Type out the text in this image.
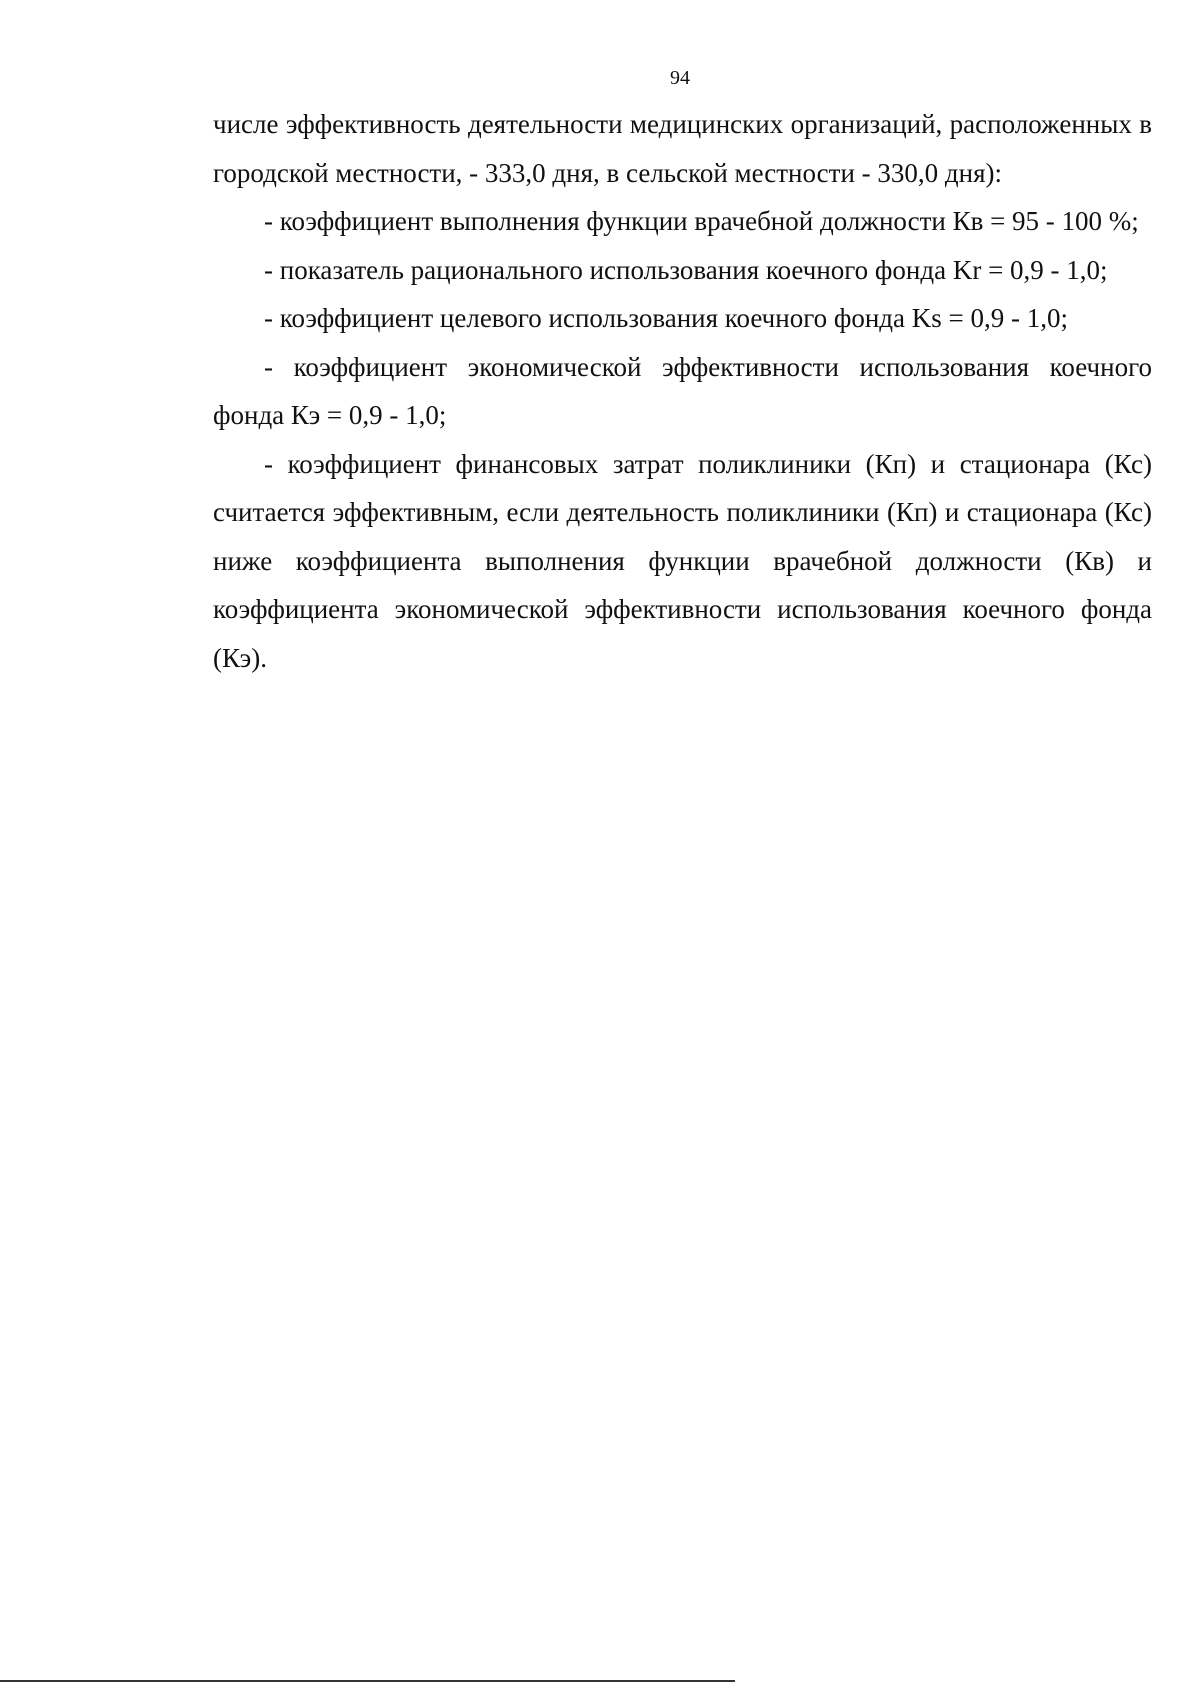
94

числе эффективность деятельности медицинских организаций, расположенных в городской местности, - 333,0 дня, в сельской местности - 330,0 дня):

- коэффициент выполнения функции врачебной должности Кв = 95 - 100 %;

- показатель рационального использования коечного фонда Kr = 0,9 - 1,0;

- коэффициент целевого использования коечного фонда Ks = 0,9 - 1,0;

- коэффициент экономической эффективности использования коечного фонда Кэ = 0,9 - 1,0;

- коэффициент финансовых затрат поликлиники (Кп) и стационара (Кс) считается эффективным, если деятельность поликлиники (Кп) и стационара (Кс) ниже коэффициента выполнения функции врачебной должности (Кв) и коэффициента экономической эффективности использования коечного фонда (Кэ).
